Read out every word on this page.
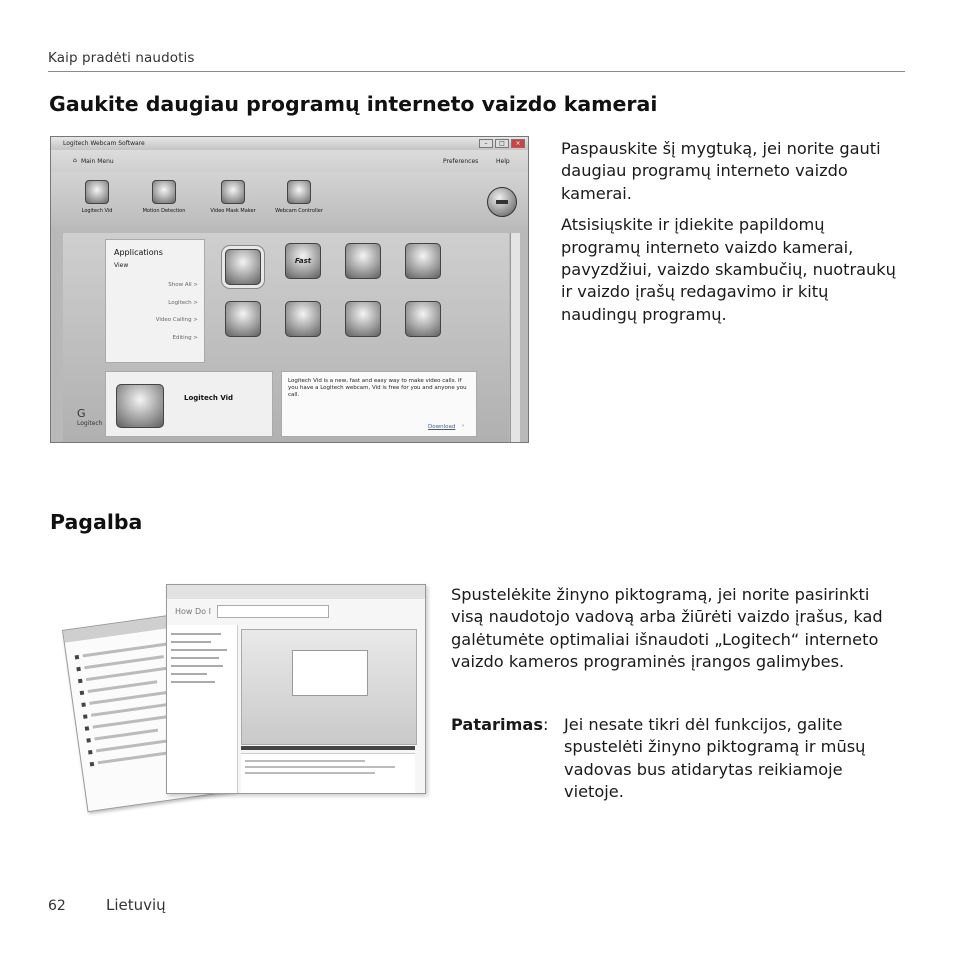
Kaip pradėti naudotis
Gaukite daugiau programų interneto vaizdo kamerai
Logitech Webcam Software	–	□	×
⌂ Main Menu	Preferences	Help
Logitech Vid	Motion Detection	Video Mask Maker	Webcam Controller
Applications
View
Show All >
Logitech >
Video Calling >
Editing >
Fast
Logitech Vid
Logitech Vid is a new, fast and easy way to make video calls. If you have a Logitech webcam, Vid is free for you and anyone you call.
Download ›
G
Logitech

Paspauskite šį mygtuką, jei norite gauti daugiau programų interneto vaizdo kamerai.

Atsisiųskite ir įdiekite papildomų programų interneto vaizdo kamerai, pavyzdžiui, vaizdo skambučių, nuotraukų ir vaizdo įrašų redagavimo ir kitų naudingų programų.

Pagalba
How Do I

Spustelėkite žinyno piktogramą, jei norite pasirinkti visą naudotojo vadovą arba žiūrėti vaizdo įrašus, kad galėtumėte optimaliai išnaudoti „Logitech“ interneto vaizdo kameros programinės įrangos galimybes.

Patarimas: Jei nesate tikri dėl funkcijos, galite spustelėti žinyno piktogramą ir mūsų vadovas bus atidarytas reikiamoje vietoje.

62	Lietuvių
